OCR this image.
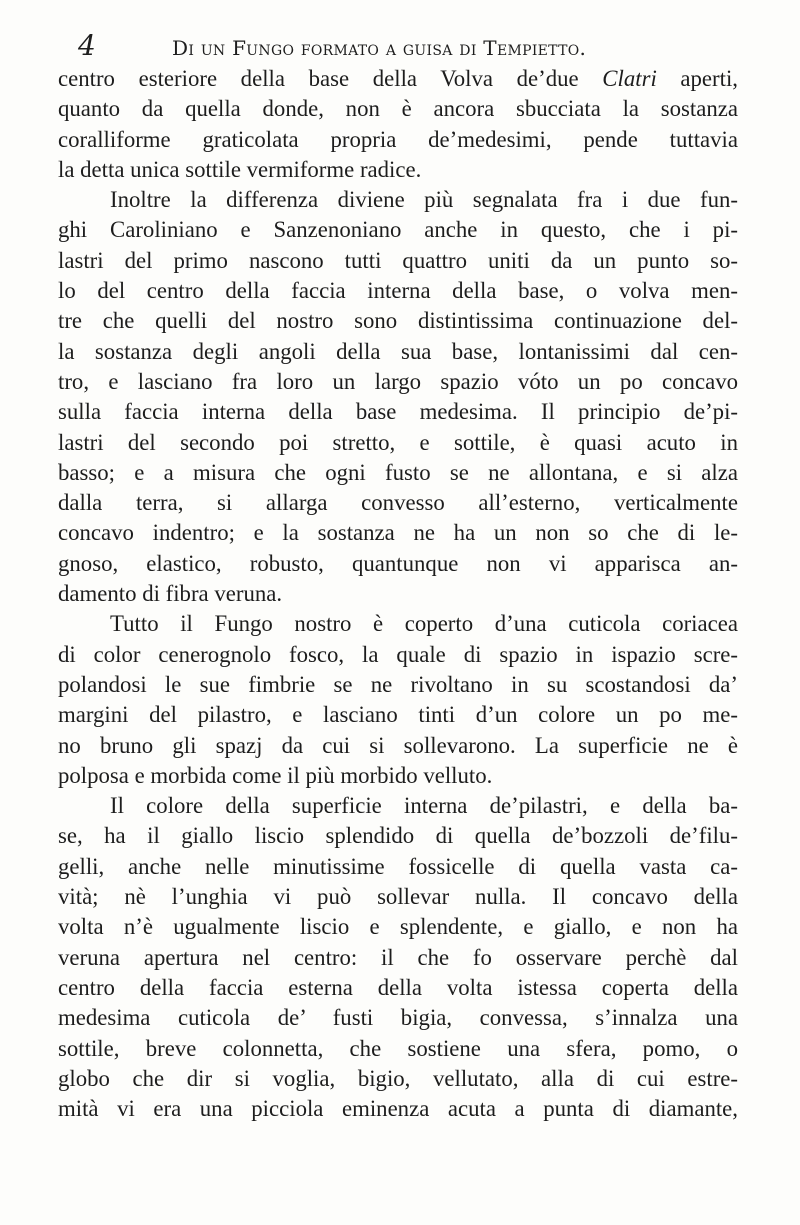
4	Di un Fungo formato a guisa di Tempietto.
centro esteriore della base della Volva de’due Clatri aperti,
quanto da quella donde, non è ancora sbucciata la sostanza
coralliforme graticolata propria de’medesimi, pende tuttavia
la detta unica sottile vermiforme radice.
Inoltre la differenza diviene più segnalata fra i due fun-
ghi Caroliniano e Sanzenoniano anche in questo, che i pi-
lastri del primo nascono tutti quattro uniti da un punto so-
lo del centro della faccia interna della base, o volva men-
tre che quelli del nostro sono distintissima continuazione del-
la sostanza degli angoli della sua base, lontanissimi dal cen-
tro, e lasciano fra loro un largo spazio vóto un po concavo
sulla faccia interna della base medesima. Il principio de’pi-
lastri del secondo poi stretto, e sottile, è quasi acuto in
basso; e a misura che ogni fusto se ne allontana, e si alza
dalla terra, si allarga convesso all’esterno, verticalmente
concavo indentro; e la sostanza ne ha un non so che di le-
gnoso, elastico, robusto, quantunque non vi apparisca an-
damento di fibra veruna.
Tutto il Fungo nostro è coperto d’una cuticola coriacea
di color cenerognolo fosco, la quale di spazio in ispazio scre-
polandosi le sue fimbrie se ne rivoltano in su scostandosi da’
margini del pilastro, e lasciano tinti d’un colore un po me-
no bruno gli spazj da cui si sollevarono. La superficie ne è
polposa e morbida come il più morbido velluto.
Il colore della superficie interna de’pilastri, e della ba-
se, ha il giallo liscio splendido di quella de’bozzoli de’filu-
gelli, anche nelle minutissime fossicelle di quella vasta ca-
vità; nè l’unghia vi può sollevar nulla. Il concavo della
volta n’è ugualmente liscio e splendente, e giallo, e non ha
veruna apertura nel centro: il che fo osservare perchè dal
centro della faccia esterna della volta istessa coperta della
medesima cuticola de’ fusti bigia, convessa, s’innalza una
sottile, breve colonnetta, che sostiene una sfera, pomo, o
globo che dir si voglia, bigio, vellutato, alla di cui estre-
mità vi era una picciola eminenza acuta a punta di diamante,
